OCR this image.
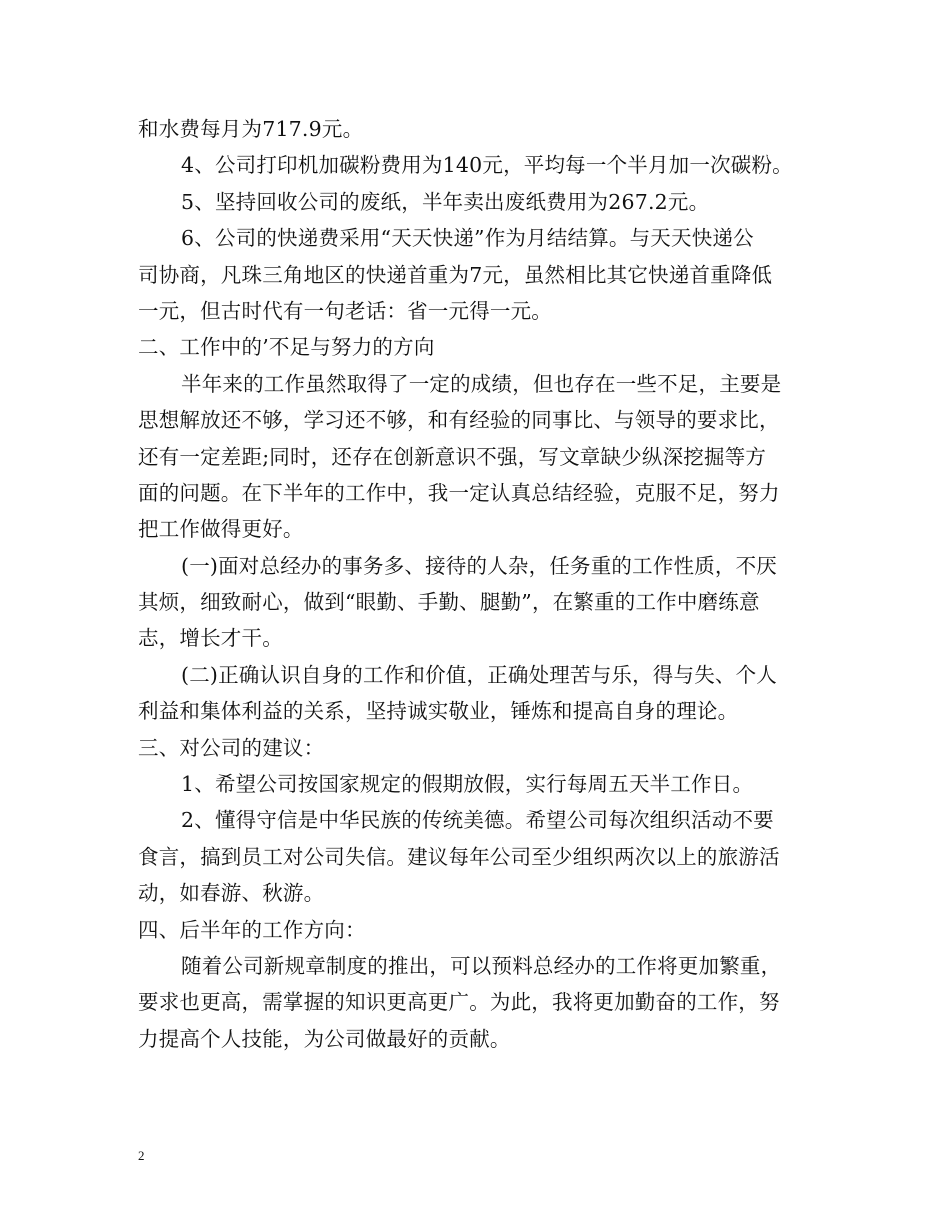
和水费每月为717.9元。
4、公司打印机加碳粉费用为140元，平均每一个半月加一次碳粉。
5、坚持回收公司的废纸，半年卖出废纸费用为267.2元。
6、公司的快递费采用“天天快递”作为月结结算。与天天快递公
司协商，凡珠三角地区的快递首重为7元，虽然相比其它快递首重降低
一元，但古时代有一句老话：省一元得一元。
二、工作中的’不足与努力的方向
半年来的工作虽然取得了一定的成绩，但也存在一些不足，主要是
思想解放还不够，学习还不够，和有经验的同事比、与领导的要求比，
还有一定差距;同时，还存在创新意识不强，写文章缺少纵深挖掘等方
面的问题。在下半年的工作中，我一定认真总结经验，克服不足，努力
把工作做得更好。
(一)面对总经办的事务多、接待的人杂，任务重的工作性质，不厌
其烦，细致耐心，做到“眼勤、手勤、腿勤”，在繁重的工作中磨练意
志，增长才干。
(二)正确认识自身的工作和价值，正确处理苦与乐，得与失、个人
利益和集体利益的关系，坚持诚实敬业，锤炼和提高自身的理论。
三、对公司的建议：
1、希望公司按国家规定的假期放假，实行每周五天半工作日。
2、懂得守信是中华民族的传统美德。希望公司每次组织活动不要
食言，搞到员工对公司失信。建议每年公司至少组织两次以上的旅游活
动，如春游、秋游。
四、后半年的工作方向：
随着公司新规章制度的推出，可以预料总经办的工作将更加繁重，
要求也更高，需掌握的知识更高更广。为此，我将更加勤奋的工作，努
力提高个人技能，为公司做最好的贡献。
2
